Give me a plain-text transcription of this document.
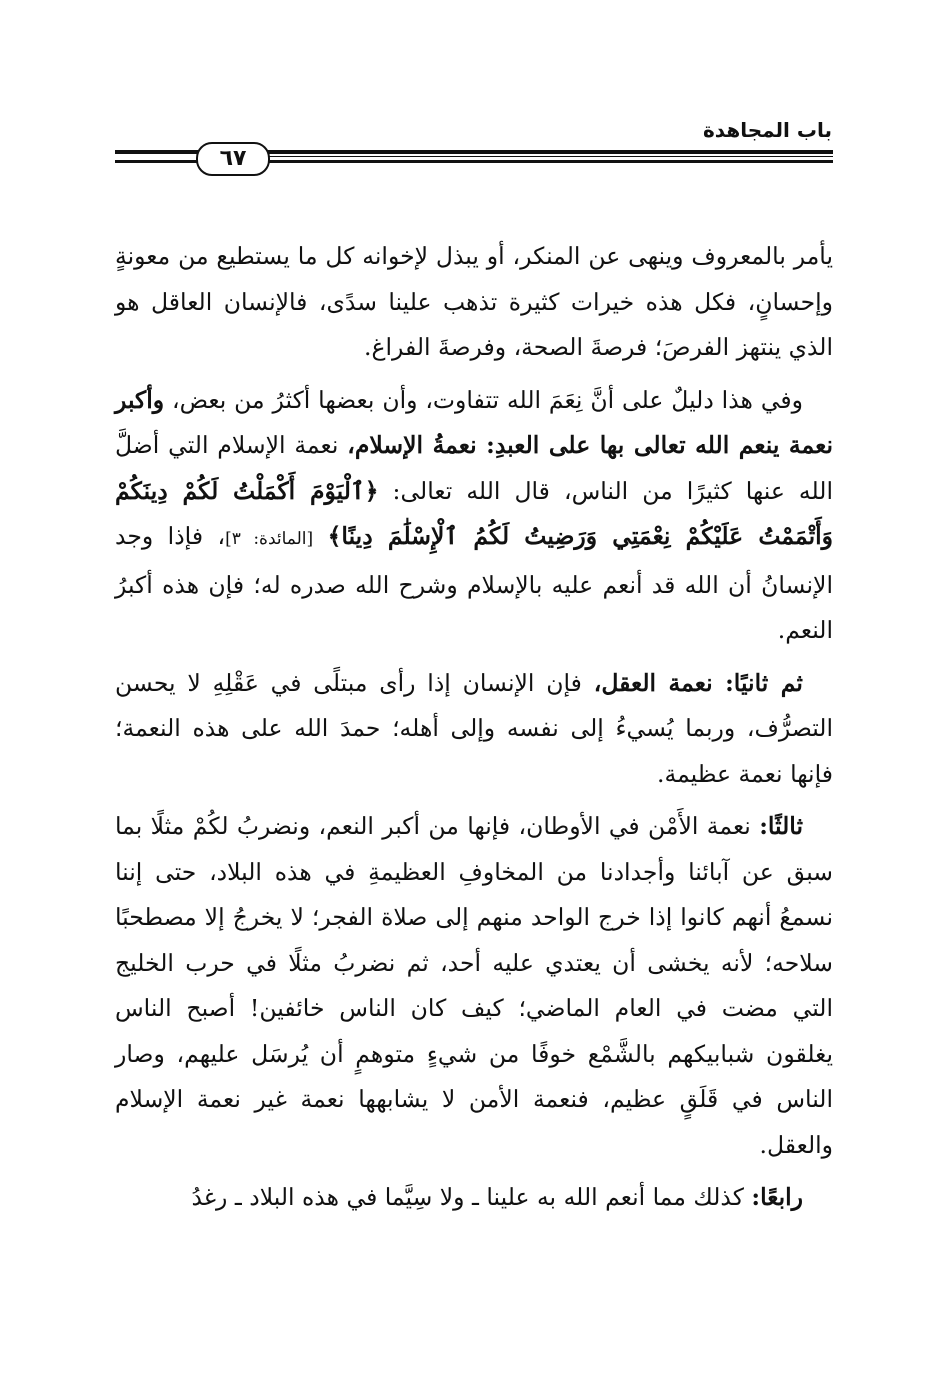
باب المجاهدة
٦٧

يأمر بالمعروف وينهى عن المنكر، أو يبذل لإخوانه كل ما يستطيع من معونةٍ وإحسانٍ، فكل هذه خيرات كثيرة تذهب علينا سدًى، فالإنسان العاقل هو الذي ينتهز الفرصَ؛ فرصةَ الصحة، وفرصةَ الفراغ.

وفي هذا دليلٌ على أنَّ نِعَمَ الله تتفاوت، وأن بعضها أكثرُ من بعض، وأكبر نعمة ينعم الله تعالى بها على العبدِ: نعمةُ الإسلام، نعمة الإسلام التي أضلَّ الله عنها كثيرًا من الناس، قال الله تعالى: ﴿ٱلْيَوْمَ أَكْمَلْتُ لَكُمْ دِينَكُمْ وَأَتْمَمْتُ عَلَيْكُمْ نِعْمَتِي وَرَضِيتُ لَكُمُ ٱلْإِسْلَٰمَ دِينًا﴾ [المائدة: ٣]، فإذا وجد الإنسانُ أن الله قد أنعم عليه بالإسلام وشرح الله صدره له؛ فإن هذه أكبرُ النعم.

ثم ثانيًا: نعمة العقل، فإن الإنسان إذا رأى مبتلًى في عَقْلِهِ لا يحسن التصرُّف، وربما يُسيءُ إلى نفسه وإلى أهله؛ حمدَ الله على هذه النعمة؛ فإنها نعمة عظيمة.

ثالثًا: نعمة الأَمْن في الأوطان، فإنها من أكبر النعم، ونضربُ لكُمْ مثلًا بما سبق عن آبائنا وأجدادنا من المخاوفِ العظيمةِ في هذه البلاد، حتى إننا نسمعُ أنهم كانوا إذا خرج الواحد منهم إلى صلاة الفجر؛ لا يخرجُ إلا مصطحبًا سلاحه؛ لأنه يخشى أن يعتدي عليه أحد، ثم نضربُ مثلًا في حرب الخليج التي مضت في العام الماضي؛ كيف كان الناس خائفين! أصبح الناس يغلقون شبابيكهم بالشَّمْع خوفًا من شيءٍ متوهمٍ أن يُرسَل عليهم، وصار الناس في قَلَقٍ عظيم، فنعمة الأمن لا يشابهها نعمة غير نعمة الإسلام والعقل.

رابعًا: كذلك مما أنعم الله به علينا ـ ولا سِيَّما في هذه البلاد ـ رغدُ
